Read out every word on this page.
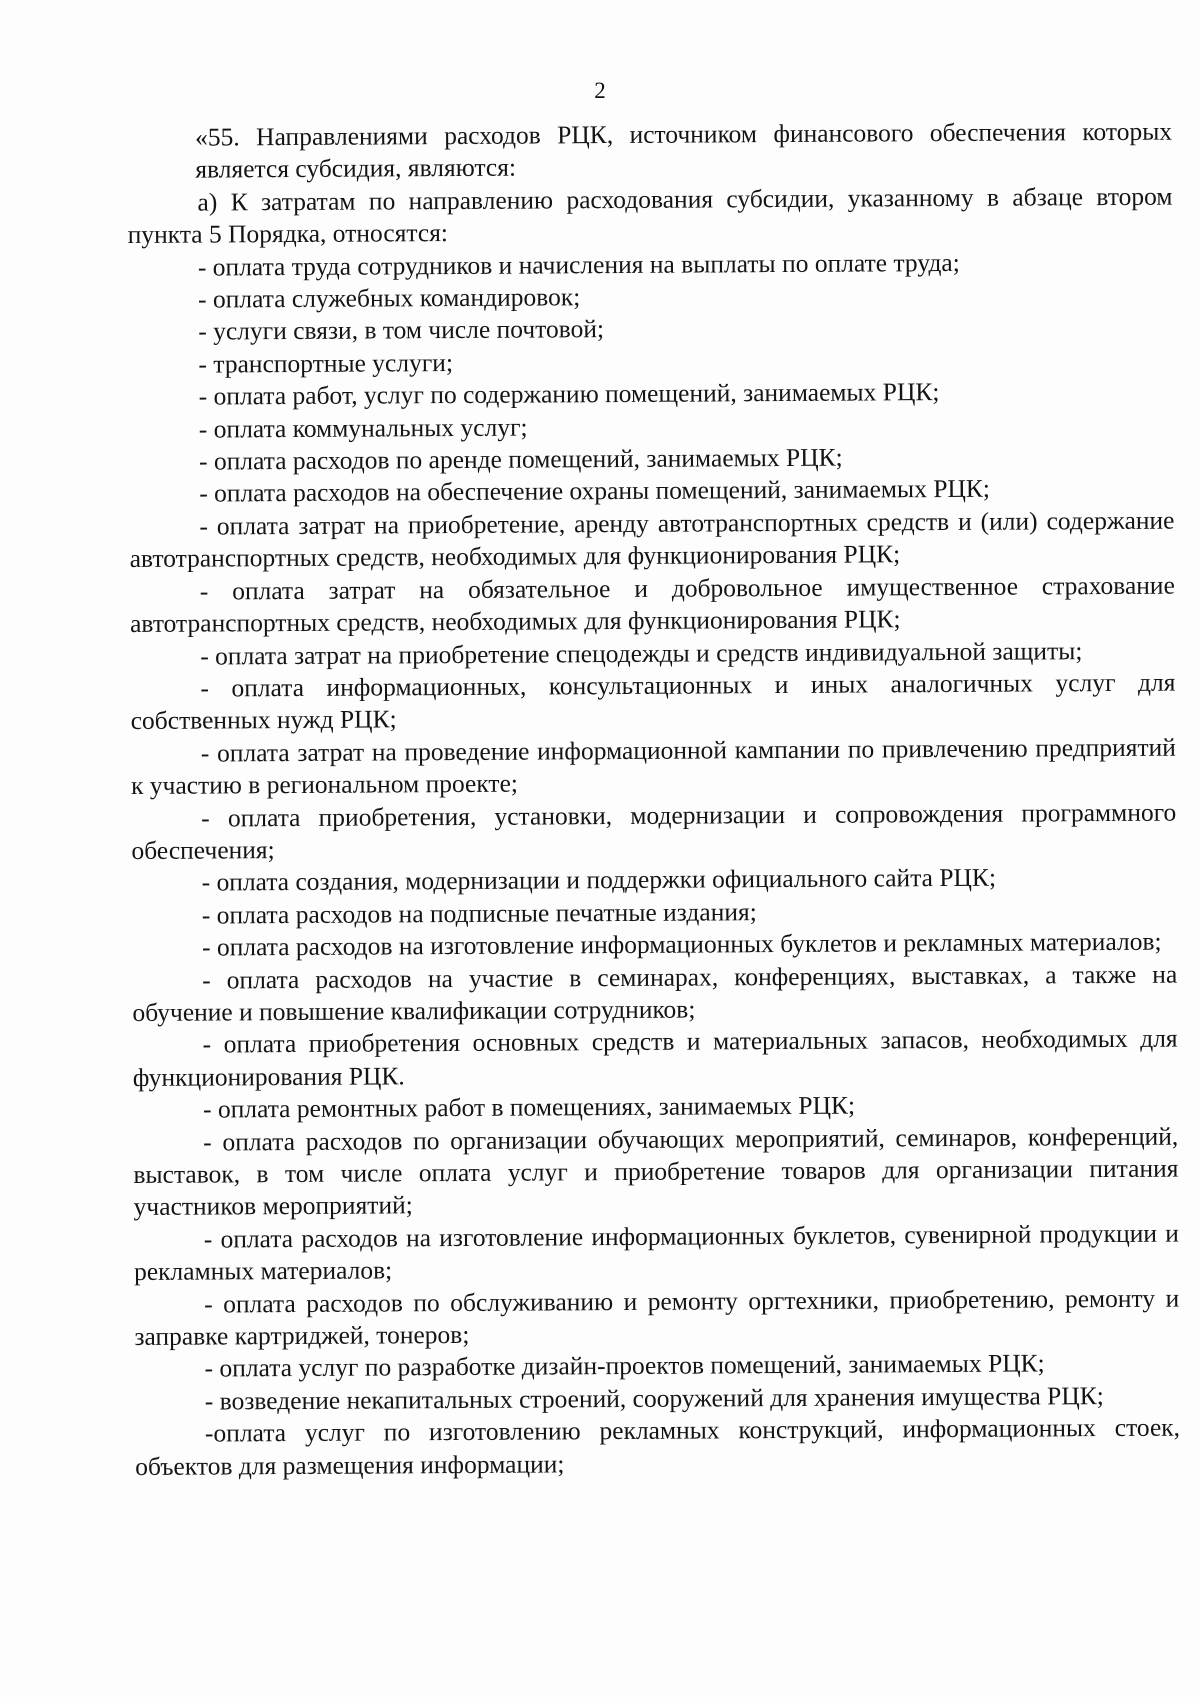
2

«55. Направлениями расходов РЦК, источником финансового обеспечения которых является субсидия, являются:

а) К затратам по направлению расходования субсидии, указанному в абзаце втором пункта 5 Порядка, относятся:

- оплата труда сотрудников и начисления на выплаты по оплате труда;

- оплата служебных командировок;

- услуги связи, в том числе почтовой;

- транспортные услуги;

- оплата работ, услуг по содержанию помещений, занимаемых РЦК;

- оплата коммунальных услуг;

- оплата расходов по аренде помещений, занимаемых РЦК;

- оплата расходов на обеспечение охраны помещений, занимаемых РЦК;

- оплата затрат на приобретение, аренду автотранспортных средств и (или) содержание автотранспортных средств, необходимых для функционирования РЦК;

- оплата затрат на обязательное и добровольное имущественное страхование автотранспортных средств, необходимых для функционирования РЦК;

- оплата затрат на приобретение спецодежды и средств индивидуальной защиты;

- оплата информационных, консультационных и иных аналогичных услуг для собственных нужд РЦК;

- оплата затрат на проведение информационной кампании по привлечению предприятий к участию в региональном проекте;

- оплата приобретения, установки, модернизации и сопровождения программного обеспечения;

- оплата создания, модернизации и поддержки официального сайта РЦК;

- оплата расходов на подписные печатные издания;

- оплата расходов на изготовление информационных буклетов и рекламных материалов;

- оплата расходов на участие в семинарах, конференциях, выставках, а также на обучение и повышение квалификации сотрудников;

- оплата приобретения основных средств и материальных запасов, необходимых для функционирования РЦК.

- оплата ремонтных работ в помещениях, занимаемых РЦК;

- оплата расходов по организации обучающих мероприятий, семинаров, конференций, выставок, в том числе оплата услуг и приобретение товаров для организации питания участников мероприятий;

- оплата расходов на изготовление информационных буклетов, сувенирной продукции и рекламных материалов;

- оплата расходов по обслуживанию и ремонту оргтехники, приобретению, ремонту и заправке картриджей, тонеров;

- оплата услуг по разработке дизайн-проектов помещений, занимаемых РЦК;

- возведение некапитальных строений, сооружений для хранения имущества РЦК;

-оплата услуг по изготовлению рекламных конструкций, информационных стоек, объектов для размещения информации;
